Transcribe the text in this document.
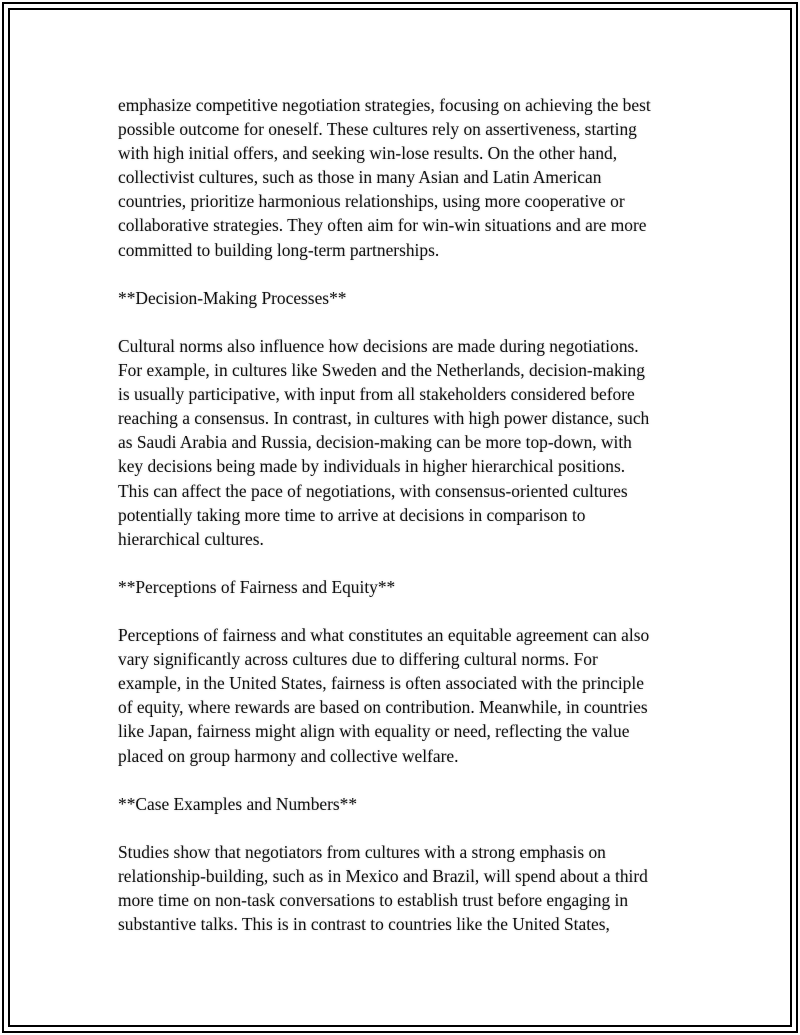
emphasize competitive negotiation strategies, focusing on achieving the best
possible outcome for oneself. These cultures rely on assertiveness, starting
with high initial offers, and seeking win-lose results. On the other hand,
collectivist cultures, such as those in many Asian and Latin American
countries, prioritize harmonious relationships, using more cooperative or
collaborative strategies. They often aim for win-win situations and are more
committed to building long-term partnerships.

**Decision-Making Processes**

Cultural norms also influence how decisions are made during negotiations.
For example, in cultures like Sweden and the Netherlands, decision-making
is usually participative, with input from all stakeholders considered before
reaching a consensus. In contrast, in cultures with high power distance, such
as Saudi Arabia and Russia, decision-making can be more top-down, with
key decisions being made by individuals in higher hierarchical positions.
This can affect the pace of negotiations, with consensus-oriented cultures
potentially taking more time to arrive at decisions in comparison to
hierarchical cultures.

**Perceptions of Fairness and Equity**

Perceptions of fairness and what constitutes an equitable agreement can also
vary significantly across cultures due to differing cultural norms. For
example, in the United States, fairness is often associated with the principle
of equity, where rewards are based on contribution. Meanwhile, in countries
like Japan, fairness might align with equality or need, reflecting the value
placed on group harmony and collective welfare.

**Case Examples and Numbers**

Studies show that negotiators from cultures with a strong emphasis on
relationship-building, such as in Mexico and Brazil, will spend about a third
more time on non-task conversations to establish trust before engaging in
substantive talks. This is in contrast to countries like the United States,
